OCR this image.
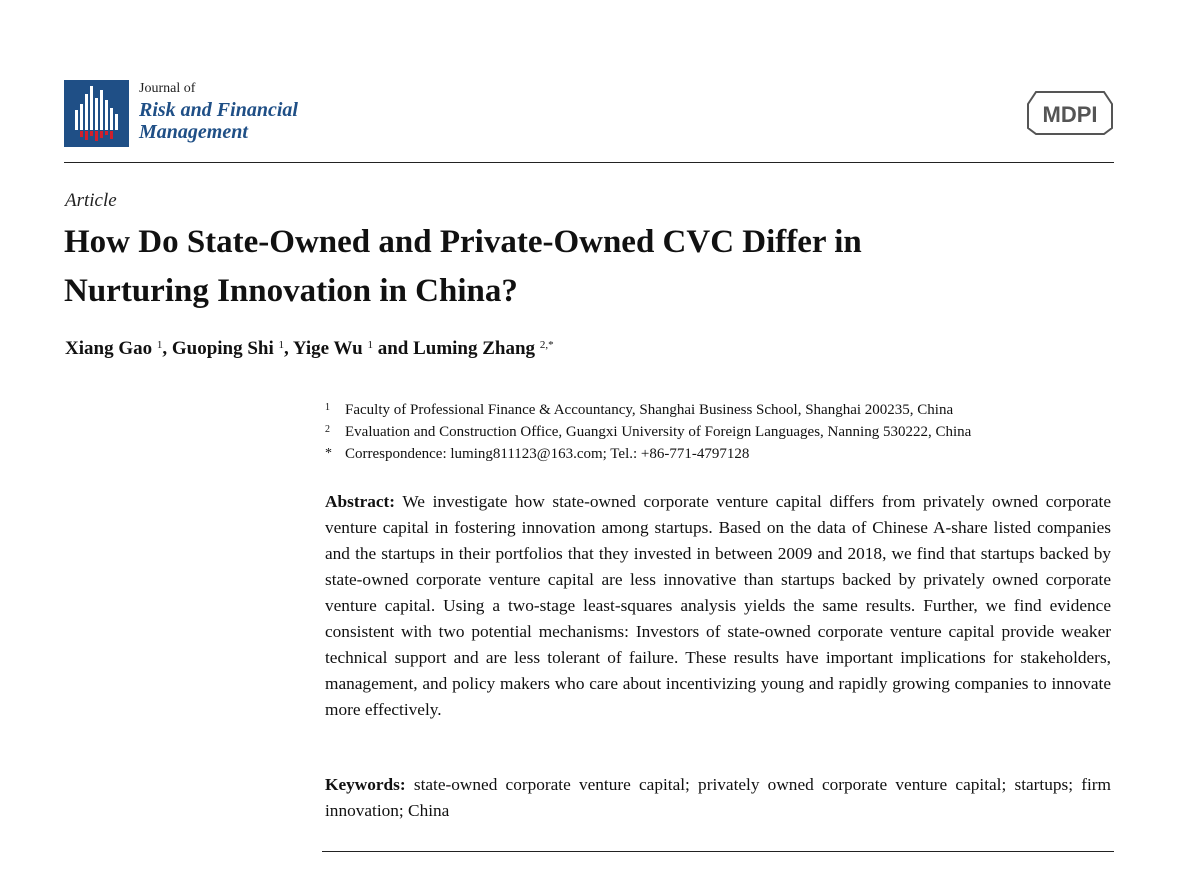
Journal of
Risk and Financial
Management
MDPI
Article
How Do State-Owned and Private-Owned CVC Differ in
Nurturing Innovation in China?
Xiang Gao $^1$, Guoping Shi $^1$, Yige Wu $^1$ and Luming Zhang $^{2,*}$
1 Faculty of Professional Finance & Accountancy, Shanghai Business School, Shanghai 200235, China
2 Evaluation and Construction Office, Guangxi University of Foreign Languages, Nanning 530222, China
* Correspondence: luming811123@163.com; Tel.: +86-771-4797128

Abstract: We investigate how state-owned corporate venture capital differs from privately owned corporate venture capital in fostering innovation among startups. Based on the data of Chinese A-share listed companies and the startups in their portfolios that they invested in between 2009 and 2018, we find that startups backed by state-owned corporate venture capital are less innovative than startups backed by privately owned corporate venture capital. Using a two-stage least-squares analysis yields the same results. Further, we find evidence consistent with two potential mechanisms: Investors of state-owned corporate venture capital provide weaker technical support and are less tolerant of failure. These results have important implications for stakeholders, management, and policy makers who care about incentivizing young and rapidly growing companies to innovate more effectively.

Keywords: state-owned corporate venture capital; privately owned corporate venture capital; startups; firm innovation; China
